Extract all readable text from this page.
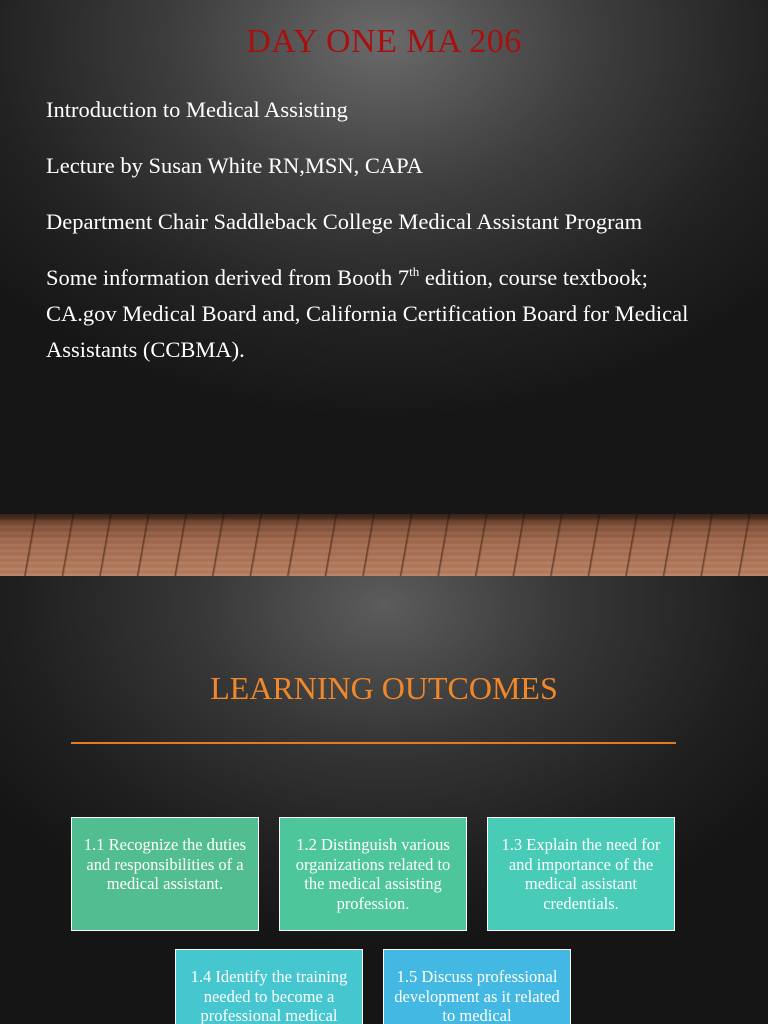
DAY ONE MA 206

Introduction to Medical Assisting

Lecture by Susan White RN,MSN, CAPA

Department Chair Saddleback College Medical Assistant Program

Some information derived from Booth 7th edition, course textbook; CA.gov Medical Board and, California Certification Board for Medical Assistants (CCBMA).

LEARNING OUTCOMES
1.1 Recognize the duties and responsibilities of a medical assistant.
1.2 Distinguish various organizations related to the medical assisting profession.
1.3 Explain the need for and importance of the medical assistant credentials.
1.4 Identify the training needed to become a professional medical
1.5 Discuss professional development as it related to medical
